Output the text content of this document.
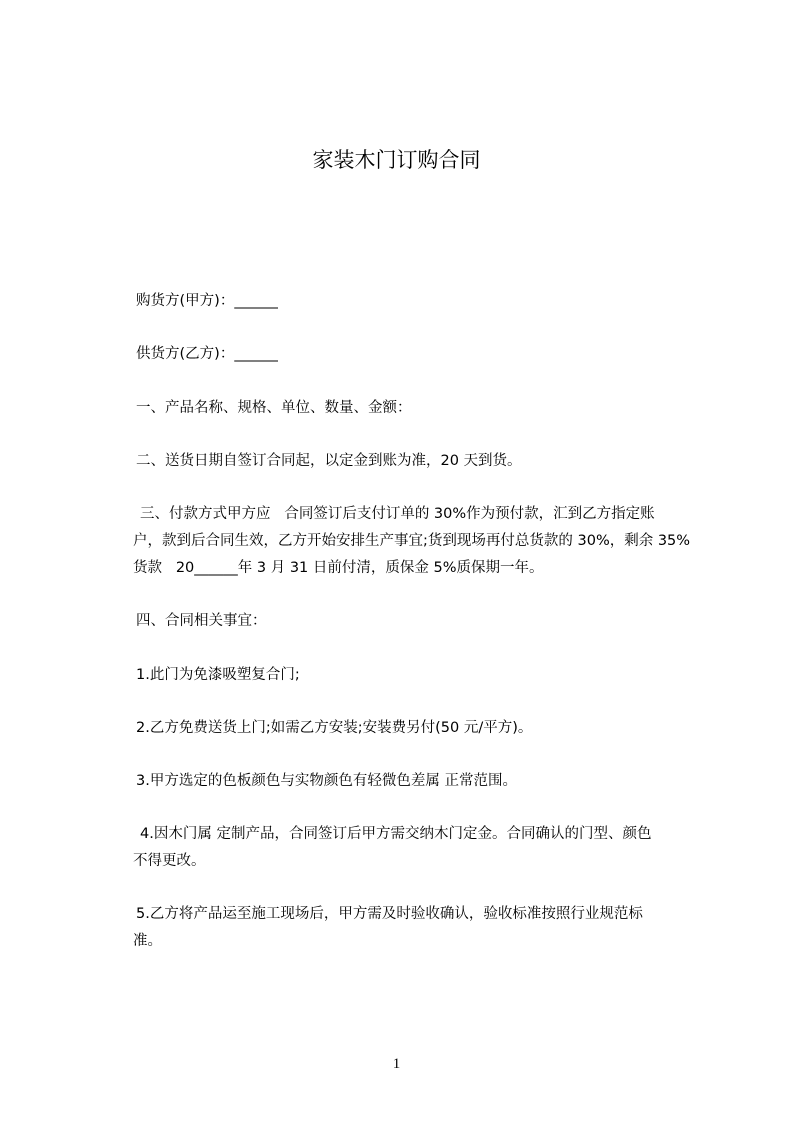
家装木门订购合同
购货方(甲方)：______
供货方(乙方)：______
一、产品名称、规格、单位、数量、金额：
二、送货日期自签订合同起，以定金到账为准，20 天到货。
三、付款方式甲方应   合同签订后支付订单的 30%作为预付款，汇到乙方指定账
户，款到后合同生效，乙方开始安排生产事宜;货到现场再付总货款的 30%，剩余 35%
货款   20______年 3 月 31 日前付清，质保金 5%质保期一年。
四、合同相关事宜：
1.此门为免漆吸塑复合门;
2.乙方免费送货上门;如需乙方安装;安装费另付(50 元/平方)。
3.甲方选定的色板颜色与实物颜色有轻微色差属 正常范围。
4.因木门属 定制产品，合同签订后甲方需交纳木门定金。合同确认的门型、颜色
不得更改。
5.乙方将产品运至施工现场后，甲方需及时验收确认，验收标准按照行业规范标
准。
1
